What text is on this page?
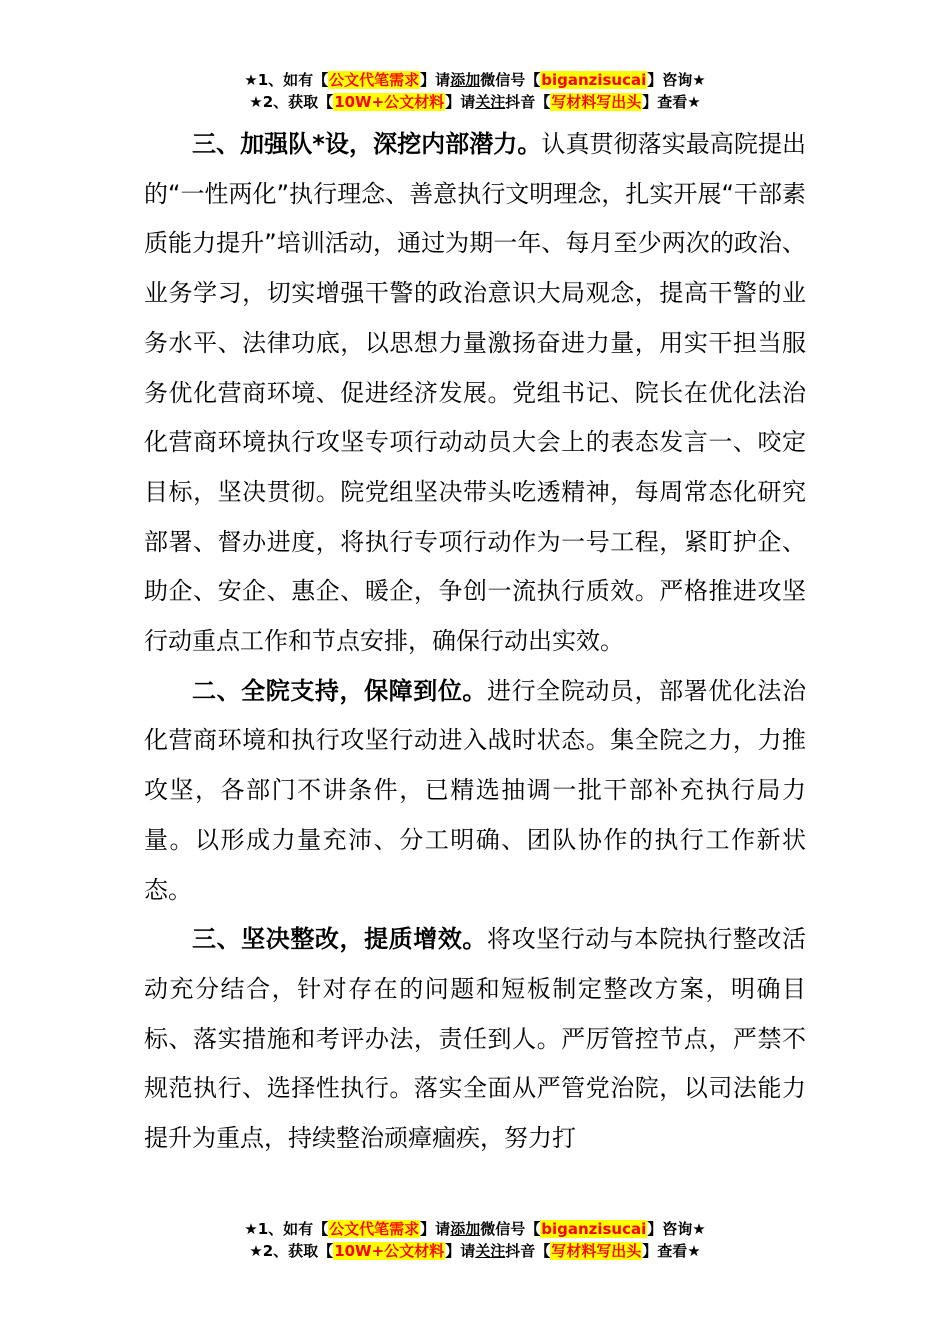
★1、如有【公文代笔需求】请添加微信号【biganzisucai】咨询★
★2、获取【10W+公文材料】请关注抖音【写材料写出头】查看★

三、加强队*设，深挖内部潜力。认真贯彻落实最高院提出的“一性两化”执行理念、善意执行文明理念，扎实开展“干部素质能力提升”培训活动，通过为期一年、每月至少两次的政治、业务学习，切实增强干警的政治意识大局观念，提高干警的业务水平、法律功底，以思想力量激扬奋进力量，用实干担当服务优化营商环境、促进经济发展。党组书记、院长在优化法治化营商环境执行攻坚专项行动动员大会上的表态发言一、咬定目标，坚决贯彻。院党组坚决带头吃透精神，每周常态化研究部署、督办进度，将执行专项行动作为一号工程，紧盯护企、助企、安企、惠企、暖企，争创一流执行质效。严格推进攻坚行动重点工作和节点安排，确保行动出实效。

二、全院支持，保障到位。进行全院动员，部署优化法治化营商环境和执行攻坚行动进入战时状态。集全院之力，力推攻坚，各部门不讲条件，已精选抽调一批干部补充执行局力量。以形成力量充沛、分工明确、团队协作的执行工作新状态。

三、坚决整改，提质增效。将攻坚行动与本院执行整改活动充分结合，针对存在的问题和短板制定整改方案，明确目标、落实措施和考评办法，责任到人。严厉管控节点，严禁不规范执行、选择性执行。落实全面从严管党治院，以司法能力提升为重点，持续整治顽瘴痼疾，努力打

★1、如有【公文代笔需求】请添加微信号【biganzisucai】咨询★
★2、获取【10W+公文材料】请关注抖音【写材料写出头】查看★
